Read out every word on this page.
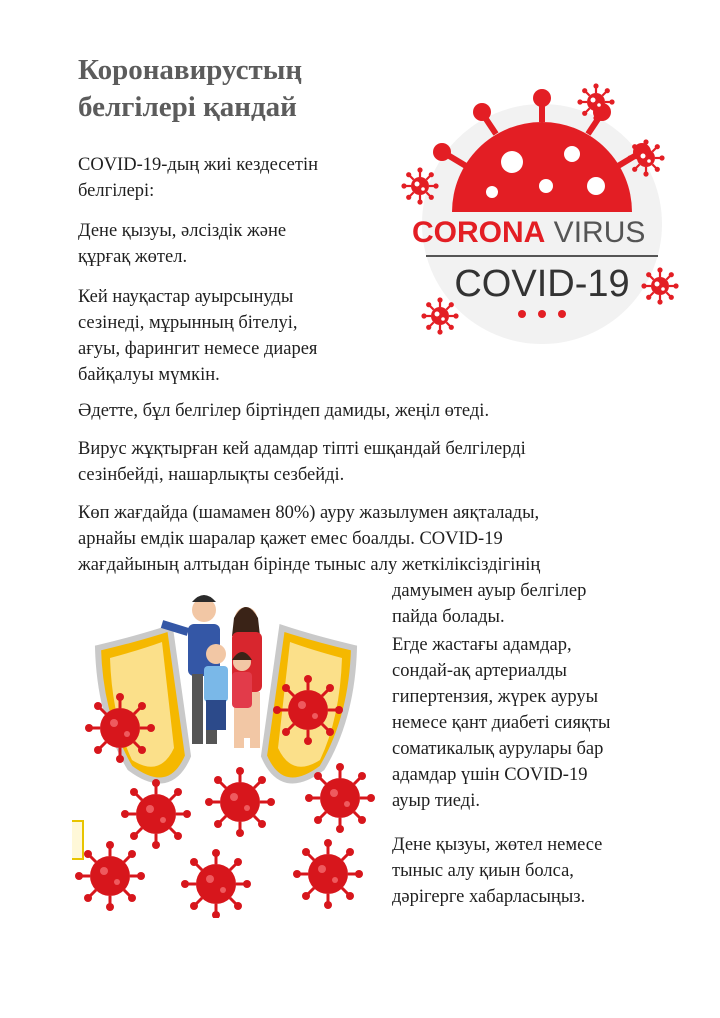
Коронавирустың
белгілері қандай

COVID-19-дың жиі кездесетін
белгілері:

Дене қызуы, әлсіздік және
құрғақ жөтел.

Кей науқастар ауырсынуды
сезінеді, мұрынның бітелуі,
ағуы, фарингит немесе диарея
байқалуы мүмкін.

Әдетте, бұл белгілер біртіндеп дамиды, жеңіл өтеді.

Вирус жұқтырған кей адамдар тіпті ешқандай белгілерді
сезінбейді, нашарлықты сезбейді.

Көп жағдайда (шамамен 80%) ауру жазылумен аяқталады,
арнайы емдік шаралар қажет емес боалды. COVID-19
жағдайының алтыдан бірінде тыныс алу жеткіліксіздігінің

дамуымен ауыр белгілер
пайда болады.

Егде жастағы адамдар,
сондай-ақ артериалды
гипертензия, жүрек ауруы
немесе қант диабеті сияқты
соматикалық аурулары бар
адамдар үшін COVID-19
ауыр тиеді.

Дене қызуы, жөтел немесе
тыныс алу қиын болса,
дәрігерге хабарласыңыз.

CORONA VIRUS
COVID-19
